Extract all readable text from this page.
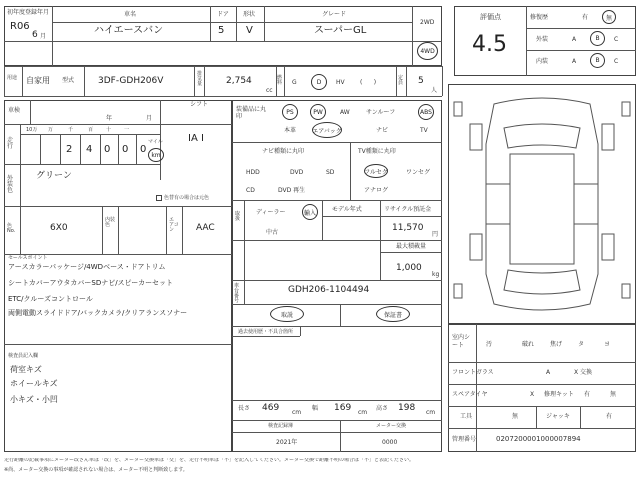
初年度登録年月
R06
6 月
車名
ハイエースバン
ドア
5
形状
V
グレード
スーパーGL
2WD
4WD
用途 自家用 型式	3DF-GDH206V
排気量	2,754
cc
燃料 G	D HV	(      )
定員 5
人
評価点
4.5
修復歴	有	無
外装	A	B C
内装	A	B C
車検
年	月
シフト
IA I
走行
10万 万	千	百	十	一
2 4 0 0 0
マイル
km
外装色
グリーン
色替有の場合は元色
色No.	6X0
内装色
エアコン	AAC
セールスポイント
アースカラーパッケージ/4WDベース・ドアトリム
シートカバーアウタカバーSDナビ/スピーカーセット
ETC/クルーズコントロール
両側電動スライドドア/バックカメラ/クリアランスソナー
検査員記入欄
荷室キズ
ホイールキズ
小キズ・小凹
装備品に丸印
PS	PW	AW	サンルーフ	ABS
本革	エアバッグ	ナビ	TV
ナビ種類に丸印
HDD	DVD	SD
CD	DVD 再生
TV種類に丸印
フルセグ	ワンセグ
アナログ
取扱
ディーラー	輸入
中古
モデル年式	リサイクル預託金
11,570
円
最大積載量
1,000
kg
車台番号
GDH206-1104494
取説	保証書
過去使用歴・不具合箇所
長さ 469 cm
幅 169 cm
高さ 198 cm
検査記録簿
2021年
メーター交換
0000
室内シート	汚	破れ	焦げ	タ	ヨ
フロントガラス	A	X 交換
スペアタイヤ	X 修理キット 有	無
工具	無	ジャッキ	有
管理番号	0207200001000007894
走行距離の記載事項にメーター改ざん車は「改」を、メーター交換車は「交」を、走行不明車は「不」を記入してください。メーター交換で距離不明の場合は「不」と表記ください。
※尚、メーター交換の事項が確認されない場合は、メーター不明と判断致します。
